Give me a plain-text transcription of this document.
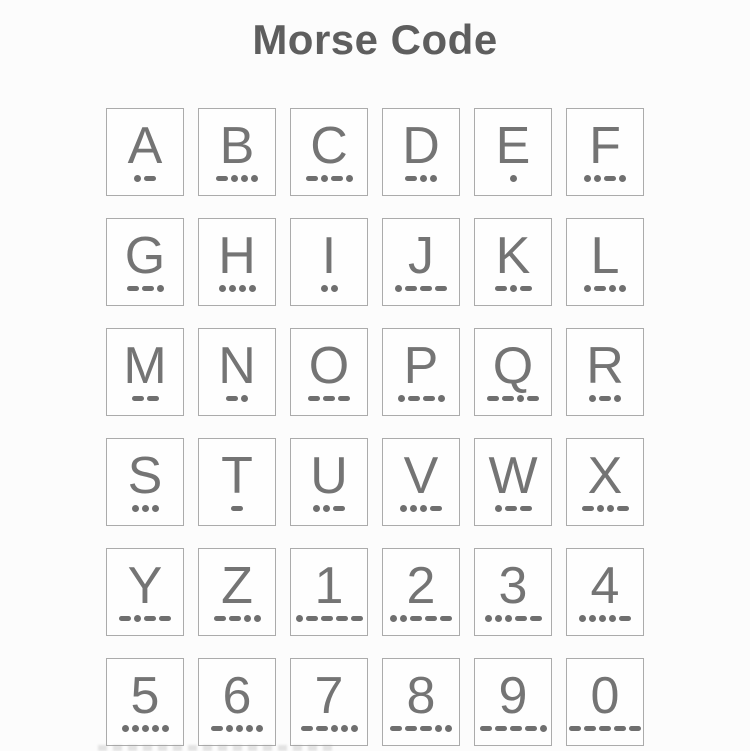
Morse Code
A B C D E F
G H I J K L
M N O P Q R
S T U V W X
Y Z 1 2 3 4
5 6 7 8 9 0
